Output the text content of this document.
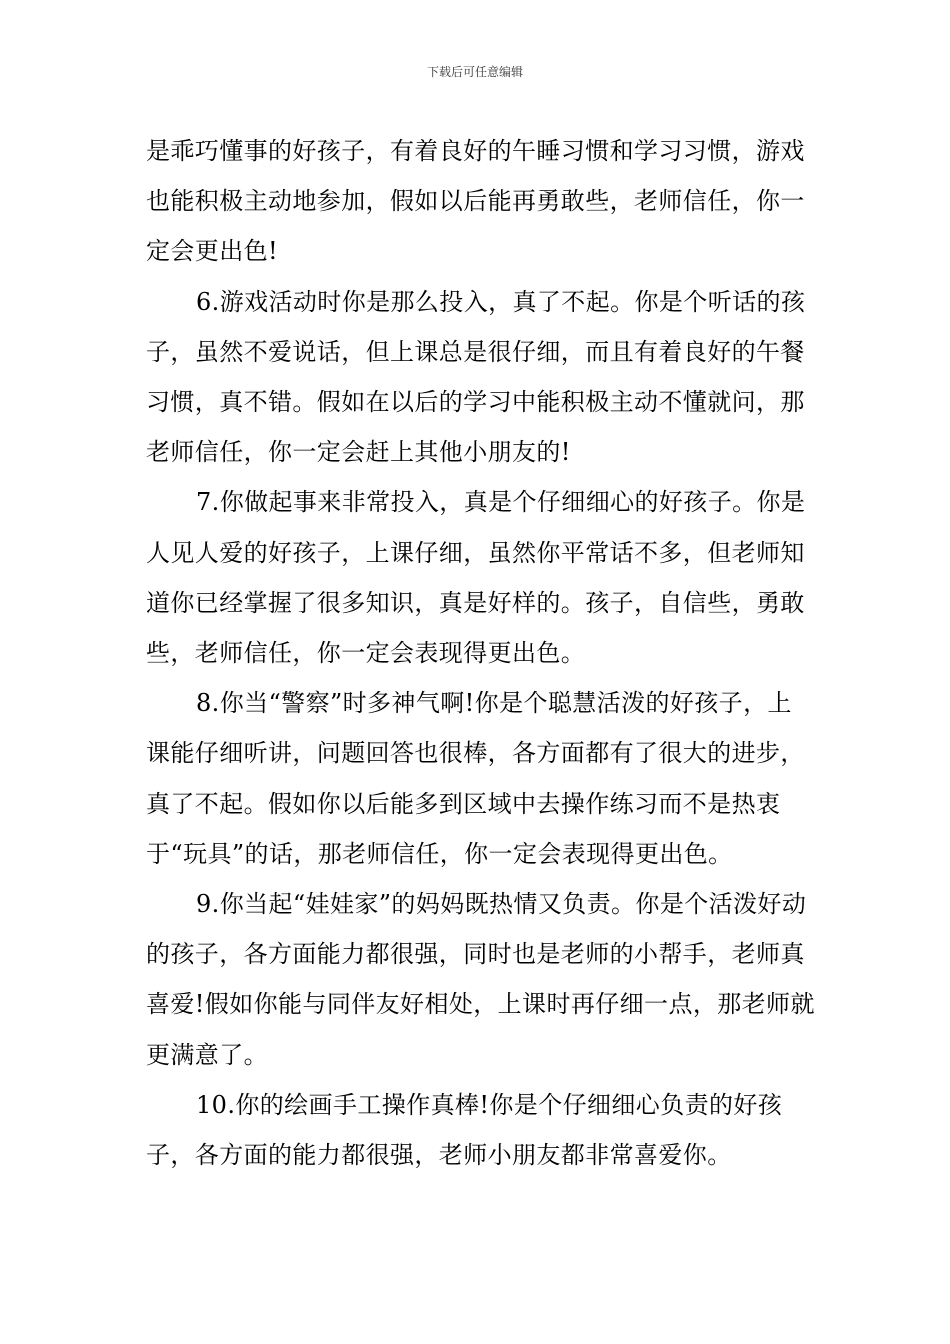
下载后可任意编辑

是乖巧懂事的好孩子，有着良好的午睡习惯和学习习惯，游戏也能积极主动地参加，假如以后能再勇敢些，老师信任，你一定会更出色!

6.游戏活动时你是那么投入，真了不起。你是个听话的孩子，虽然不爱说话，但上课总是很仔细，而且有着良好的午餐习惯，真不错。假如在以后的学习中能积极主动不懂就问，那老师信任，你一定会赶上其他小朋友的!

7.你做起事来非常投入，真是个仔细细心的好孩子。你是人见人爱的好孩子，上课仔细，虽然你平常话不多，但老师知道你已经掌握了很多知识，真是好样的。孩子，自信些，勇敢些，老师信任，你一定会表现得更出色。

8.你当“警察”时多神气啊!你是个聪慧活泼的好孩子，上课能仔细听讲，问题回答也很棒，各方面都有了很大的进步，真了不起。假如你以后能多到区域中去操作练习而不是热衷于“玩具”的话，那老师信任，你一定会表现得更出色。

9.你当起“娃娃家”的妈妈既热情又负责。你是个活泼好动的孩子，各方面能力都很强，同时也是老师的小帮手，老师真喜爱!假如你能与同伴友好相处，上课时再仔细一点，那老师就更满意了。

10.你的绘画手工操作真棒!你是个仔细细心负责的好孩子，各方面的能力都很强，老师小朋友都非常喜爱你。
